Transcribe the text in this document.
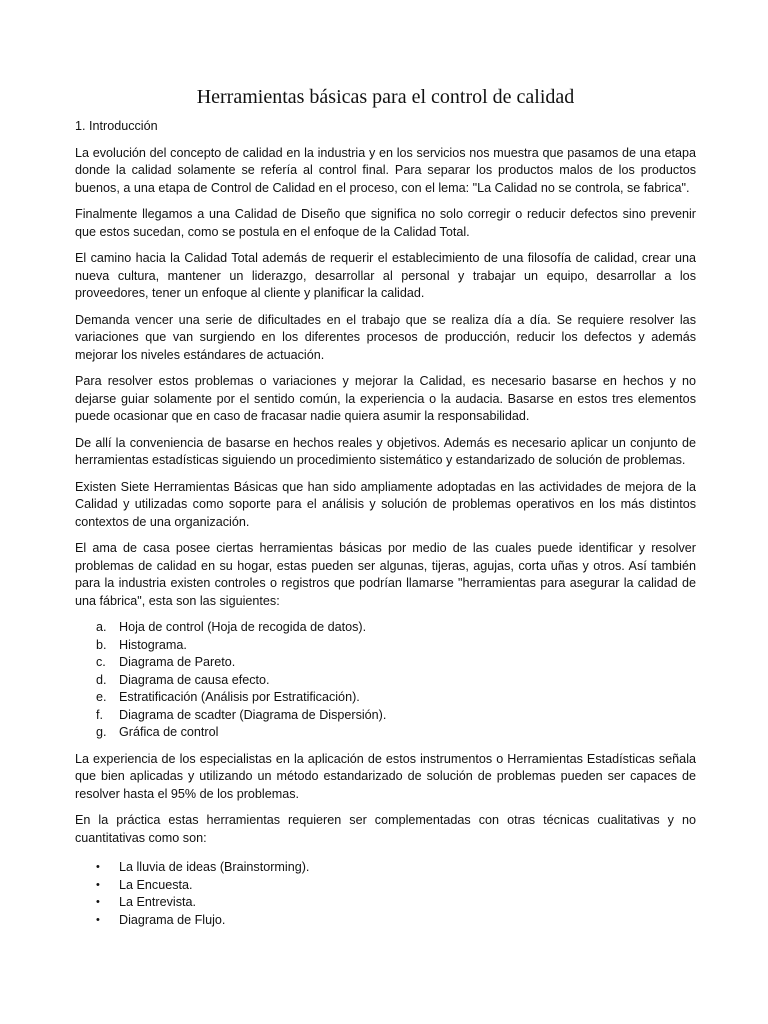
Herramientas básicas para el control de calidad
1. Introducción

La evolución del concepto de calidad en la industria y en los servicios nos muestra que pasamos de una etapa donde la calidad solamente se refería al control final. Para separar los productos malos de los productos buenos, a una etapa de Control de Calidad en el proceso, con el lema: "La Calidad no se controla, se fabrica".

Finalmente llegamos a una Calidad de Diseño que significa no solo corregir o reducir defectos sino prevenir que estos sucedan, como se postula en el enfoque de la Calidad Total.

El camino hacia la Calidad Total además de requerir el establecimiento de una filosofía de calidad, crear una nueva cultura, mantener un liderazgo, desarrollar al personal y trabajar un equipo, desarrollar a los proveedores, tener un enfoque al cliente y planificar la calidad.

Demanda vencer una serie de dificultades en el trabajo que se realiza día a día. Se requiere resolver las variaciones que van surgiendo en los diferentes procesos de producción, reducir los defectos y además mejorar los niveles estándares de actuación.

Para resolver estos problemas o variaciones y mejorar la Calidad, es necesario basarse en hechos y no dejarse guiar solamente por el sentido común, la experiencia o la audacia. Basarse en estos tres elementos puede ocasionar que en caso de fracasar nadie quiera asumir la responsabilidad.

De allí la conveniencia de basarse en hechos reales y objetivos. Además es necesario aplicar un conjunto de herramientas estadísticas siguiendo un procedimiento sistemático y estandarizado de solución de problemas.

Existen Siete Herramientas Básicas que han sido ampliamente adoptadas en las actividades de mejora de la Calidad y utilizadas como soporte para el análisis y solución de problemas operativos en los más distintos contextos de una organización.

El ama de casa posee ciertas herramientas básicas por medio de las cuales puede identificar y resolver problemas de calidad en su hogar, estas pueden ser algunas, tijeras, agujas, corta uñas y otros. Así también para la industria existen controles o registros que podrían llamarse "herramientas para asegurar la calidad de una fábrica", esta son las siguientes:

a. Hoja de control (Hoja de recogida de datos).
b. Histograma.
c.	Diagrama de Pareto.
d. Diagrama de causa efecto.
e. Estratificación (Análisis por Estratificación).
f.	Diagrama de scadter (Diagrama de Dispersión).
g. Gráfica de control

La experiencia de los especialistas en la aplicación de estos instrumentos o Herramientas Estadísticas señala que bien aplicadas y utilizando un método estandarizado de solución de problemas pueden ser capaces de resolver hasta el 95% de los problemas.

En la práctica estas herramientas requieren ser complementadas con otras técnicas cualitativas y no cuantitativas como son:

•	La lluvia de ideas (Brainstorming).
•	La Encuesta.
•	La Entrevista.
•	Diagrama de Flujo.
